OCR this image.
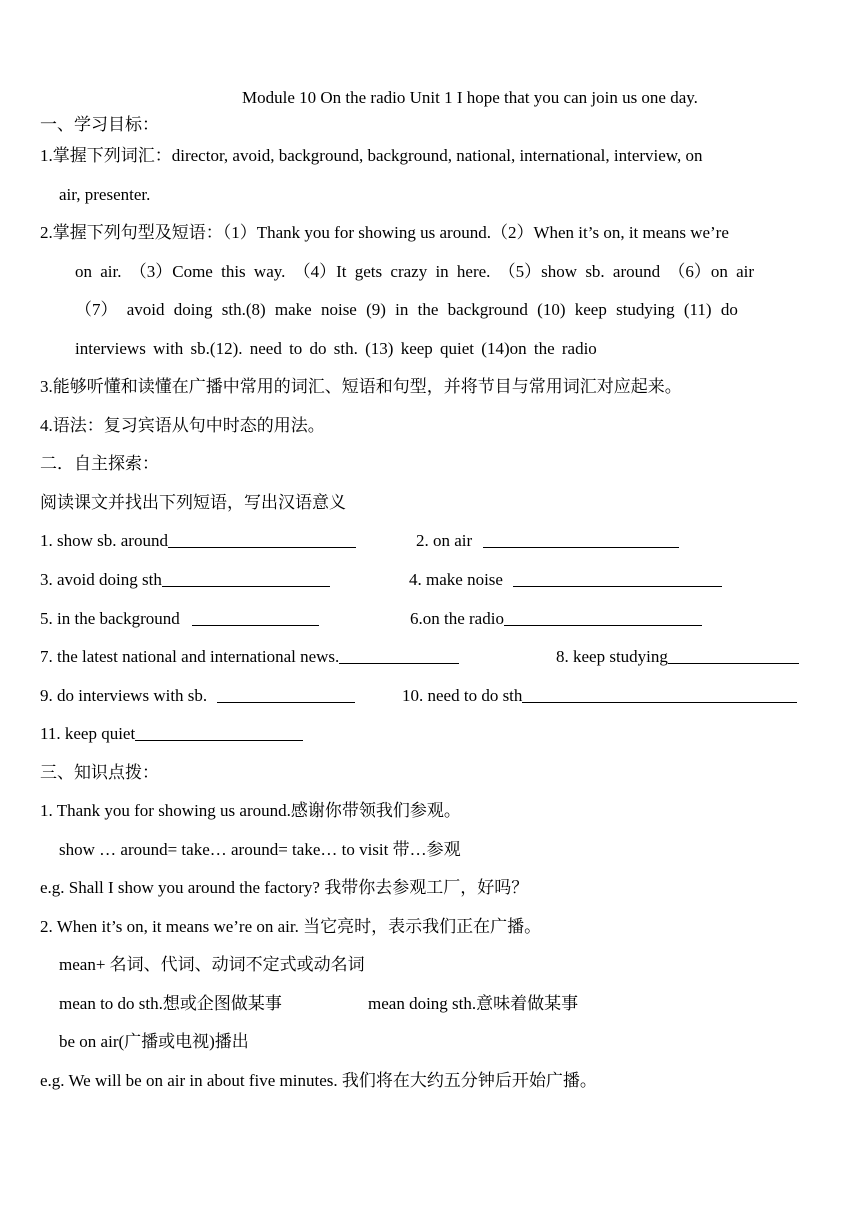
Module 10 On the radio Unit 1 I hope that you can join us one day.
一、学习目标：
1.掌握下列词汇：director, avoid, background, background, national, international, interview, on
air, presenter.
2.掌握下列句型及短语：（1）Thank you for showing us around.（2）When it’s on, it means we’re
on air. （3）Come this way. （4）It gets crazy in here. （5）show sb. around （6）on air
（7） avoid doing sth.(8) make noise (9) in the background (10) keep studying (11) do
interviews with sb.(12). need to do sth. (13) keep quiet (14)on the radio
3.能够听懂和读懂在广播中常用的词汇、短语和句型，并将节目与常用词汇对应起来。
4.语法：复习宾语从句中时态的用法。
二．自主探索：
阅读课文并找出下列短语，写出汉语意义
1. show sb. around	2. on air
3. avoid doing sth	4. make noise
5. in the background	6.on the radio
7. the latest national and international news.	8. keep studying
9. do interviews with sb.	10. need to do sth
11. keep quiet
三、知识点拨：
1. Thank you for showing us around.感谢你带领我们参观。
show … around= take… around= take… to visit 带…参观
e.g. Shall I show you around the factory? 我带你去参观工厂，好吗？
2. When it’s on, it means we’re on air. 当它亮时，表示我们正在广播。
mean+ 名词、代词、动词不定式或动名词
mean to do sth.想或企图做某事	mean doing sth.意味着做某事
be on air(广播或电视)播出
e.g. We will be on air in about five minutes. 我们将在大约五分钟后开始广播。
